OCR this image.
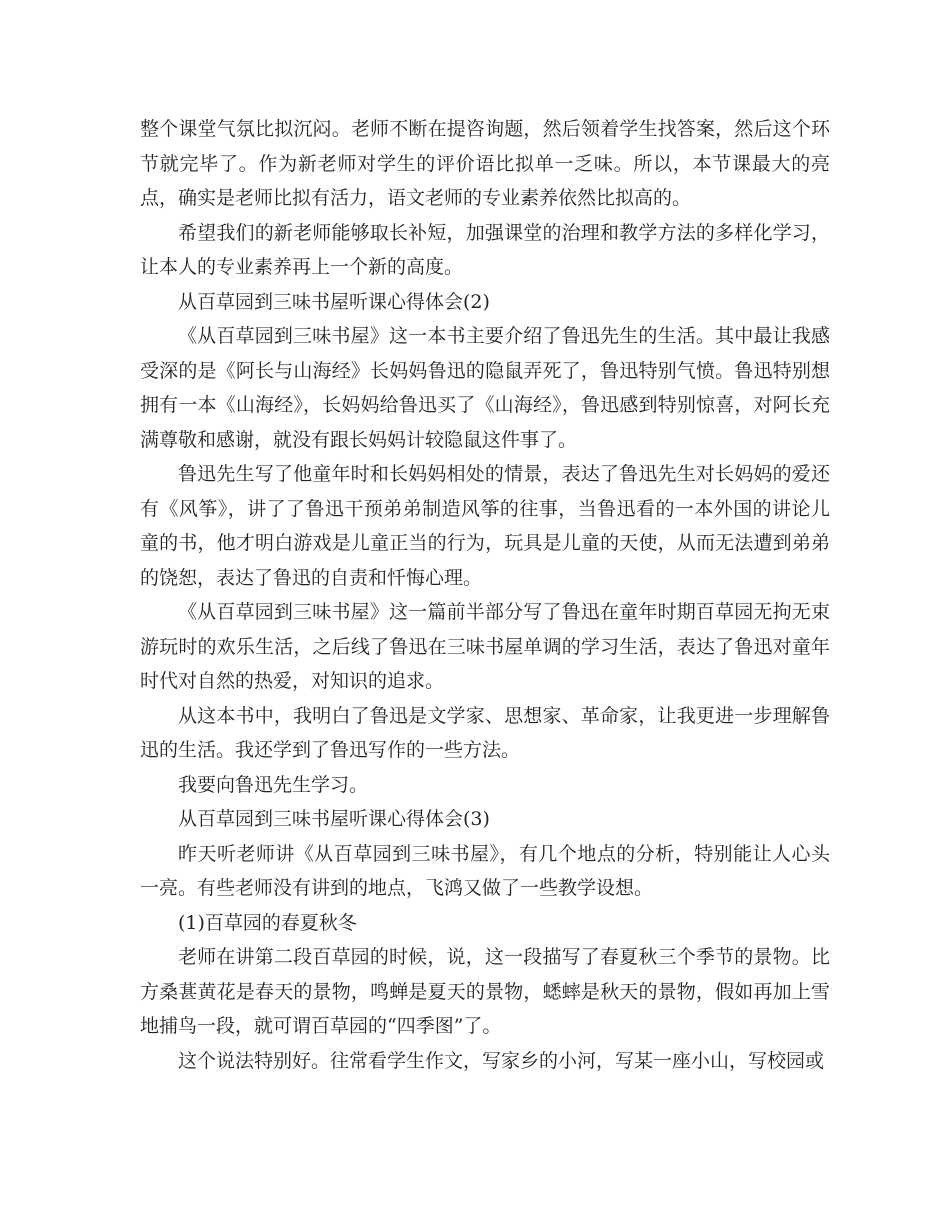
整个课堂气氛比拟沉闷。老师不断在提咨询题，然后领着学生找答案，然后这个环节就完毕了。作为新老师对学生的评价语比拟单一乏味。所以，本节课最大的亮点，确实是老师比拟有活力，语文老师的专业素养依然比拟高的。

希望我们的新老师能够取长补短，加强课堂的治理和教学方法的多样化学习，让本人的专业素养再上一个新的高度。

从百草园到三味书屋听课心得体会(2)

《从百草园到三味书屋》这一本书主要介绍了鲁迅先生的生活。其中最让我感受深的是《阿长与山海经》长妈妈鲁迅的隐鼠弄死了，鲁迅特别气愤。鲁迅特别想拥有一本《山海经》，长妈妈给鲁迅买了《山海经》，鲁迅感到特别惊喜，对阿长充满尊敬和感谢，就没有跟长妈妈计较隐鼠这件事了。

鲁迅先生写了他童年时和长妈妈相处的情景，表达了鲁迅先生对长妈妈的爱还有《风筝》，讲了了鲁迅干预弟弟制造风筝的往事，当鲁迅看的一本外国的讲论儿童的书，他才明白游戏是儿童正当的行为，玩具是儿童的天使，从而无法遭到弟弟的饶恕，表达了鲁迅的自责和忏悔心理。

《从百草园到三味书屋》这一篇前半部分写了鲁迅在童年时期百草园无拘无束游玩时的欢乐生活，之后线了鲁迅在三味书屋单调的学习生活，表达了鲁迅对童年时代对自然的热爱，对知识的追求。

从这本书中，我明白了鲁迅是文学家、思想家、革命家，让我更进一步理解鲁迅的生活。我还学到了鲁迅写作的一些方法。

我要向鲁迅先生学习。

从百草园到三味书屋听课心得体会(3)

昨天听老师讲《从百草园到三味书屋》，有几个地点的分析，特别能让人心头一亮。有些老师没有讲到的地点，飞鸿又做了一些教学设想。

(1)百草园的春夏秋冬

老师在讲第二段百草园的时候，说，这一段描写了春夏秋三个季节的景物。比方桑葚黄花是春天的景物，鸣蝉是夏天的景物，蟋蟀是秋天的景物，假如再加上雪地捕鸟一段，就可谓百草园的“四季图”了。

这个说法特别好。往常看学生作文，写家乡的小河，写某一座小山，写校园或
